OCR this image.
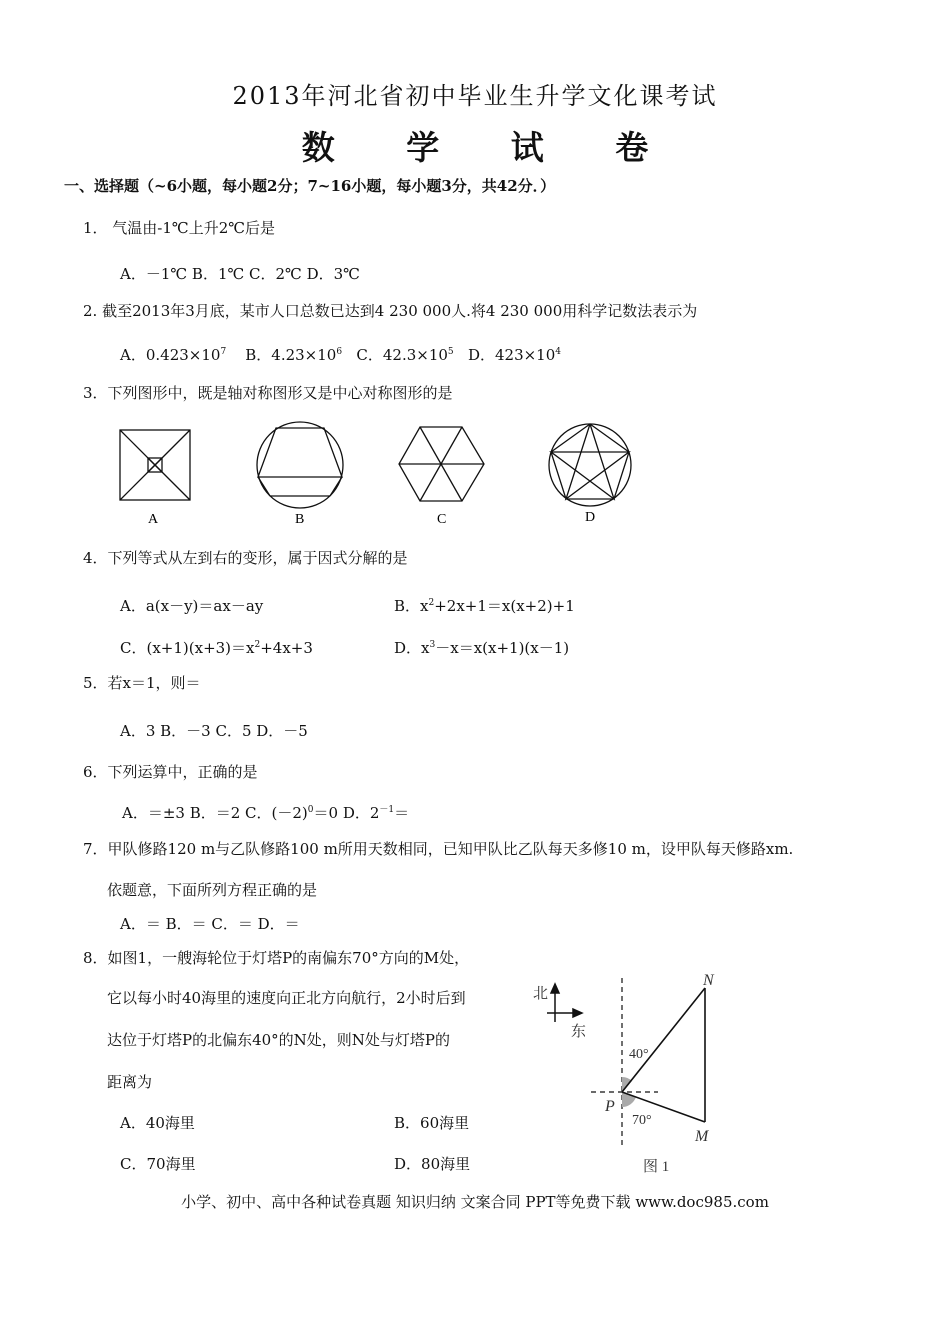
2013年河北省初中毕业生升学文化课考试
数 学 试 卷
一、选择题（~6小题，每小题2分；7~16小题，每小题3分，共42分．）
1． 气温由-1℃上升2℃后是
A．－1℃ B．1℃ C．2℃ D．3℃
2. 截至2013年3月底，某市人口总数已达到4 230 000人.将4 230 000用科学记数法表示为
A．$0.423\times 10^7$ B．$4.23\times 10^6$ C．$42.3\times 10^5$ D．$423\times 10^4$
3．下列图形中，既是轴对称图形又是中心对称图形的是
A	B	C	D
4．下列等式从左到右的变形，属于因式分解的是
A．a(x－y)＝ax－ay	B．$x^2+2x+1=x(x+2)+1$
C．$(x+1)(x+3)=x^2+4x+3$	D．$x^3-x=x(x+1)(x-1)$
5．若x＝1，则＝
A．3 B．－3 C．5 D．－5
6．下列运算中，正确的是
A．＝±3 B．＝2 C．$(-2)^0=0$ D．$2^{-1}=$
7．甲队修路120 m与乙队修路100 m所用天数相同，已知甲队比乙队每天多修10 m，设甲队每天修路xm.
依题意，下面所列方程正确的是
A．＝ B．＝ C．＝ D．＝
8．如图1，一艘海轮位于灯塔P的南偏东70°方向的M处，
它以每小时40海里的速度向正北方向航行，2小时后到
达位于灯塔P的北偏东40°的N处，则N处与灯塔P的
距离为
A．40海里	B．60海里
C．70海里	D．80海里
北
东
N
P
M
40°
70°
图 1
小学、初中、高中各种试卷真题 知识归纳 文案合同 PPT等免费下载 www.doc985.com
